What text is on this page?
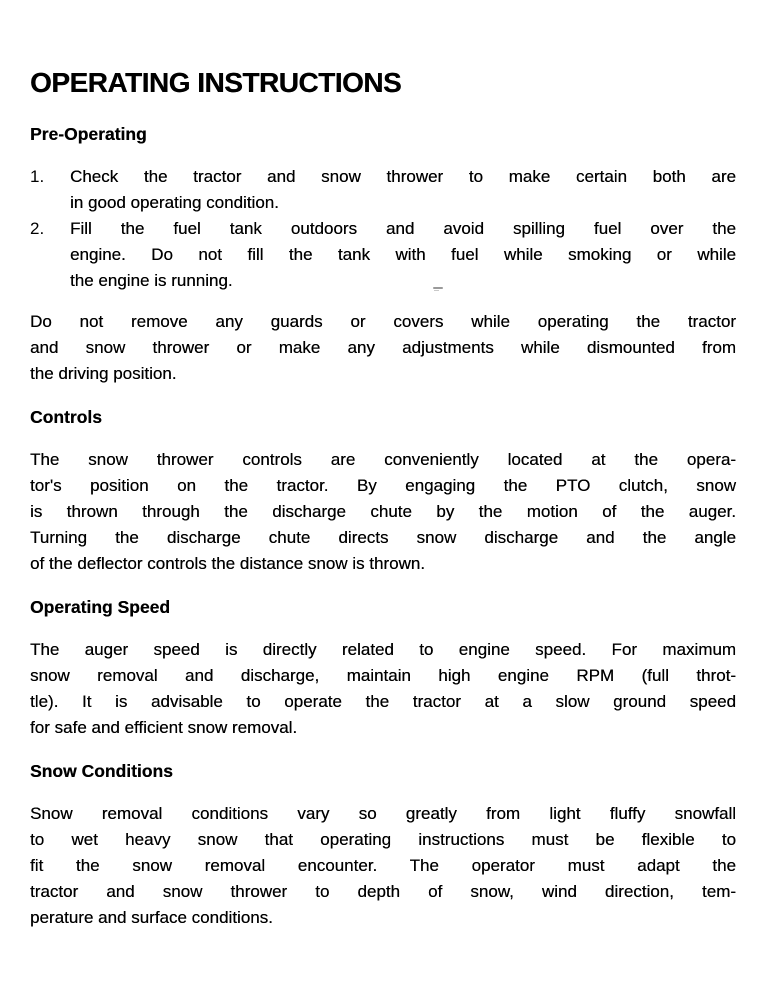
OPERATING INSTRUCTIONS
Pre-Operating
1.	Check the tractor and snow thrower to make certain both are
in good operating condition.
2.	Fill the fuel tank outdoors and avoid spilling fuel over the
engine. Do not fill the tank with fuel while smoking or while
the engine is running.
Do not remove any guards or covers while operating the tractor
and snow thrower or make any adjustments while dismounted from
the driving position.
Controls
The snow thrower controls are conveniently located at the opera-
tor's position on the tractor. By engaging the PTO clutch, snow
is thrown through the discharge chute by the motion of the auger.
Turning the discharge chute directs snow discharge and the angle
of the deflector controls the distance snow is thrown.
Operating Speed
The auger speed is directly related to engine speed. For maximum
snow removal and discharge, maintain high engine RPM (full throt-
tle). It is advisable to operate the tractor at a slow ground speed
for safe and efficient snow removal.
Snow Conditions
Snow removal conditions vary so greatly from light fluffy snowfall
to wet heavy snow that operating instructions must be flexible to
fit the snow removal encounter. The operator must adapt the
tractor and snow thrower to depth of snow, wind direction, tem-
perature and surface conditions.
